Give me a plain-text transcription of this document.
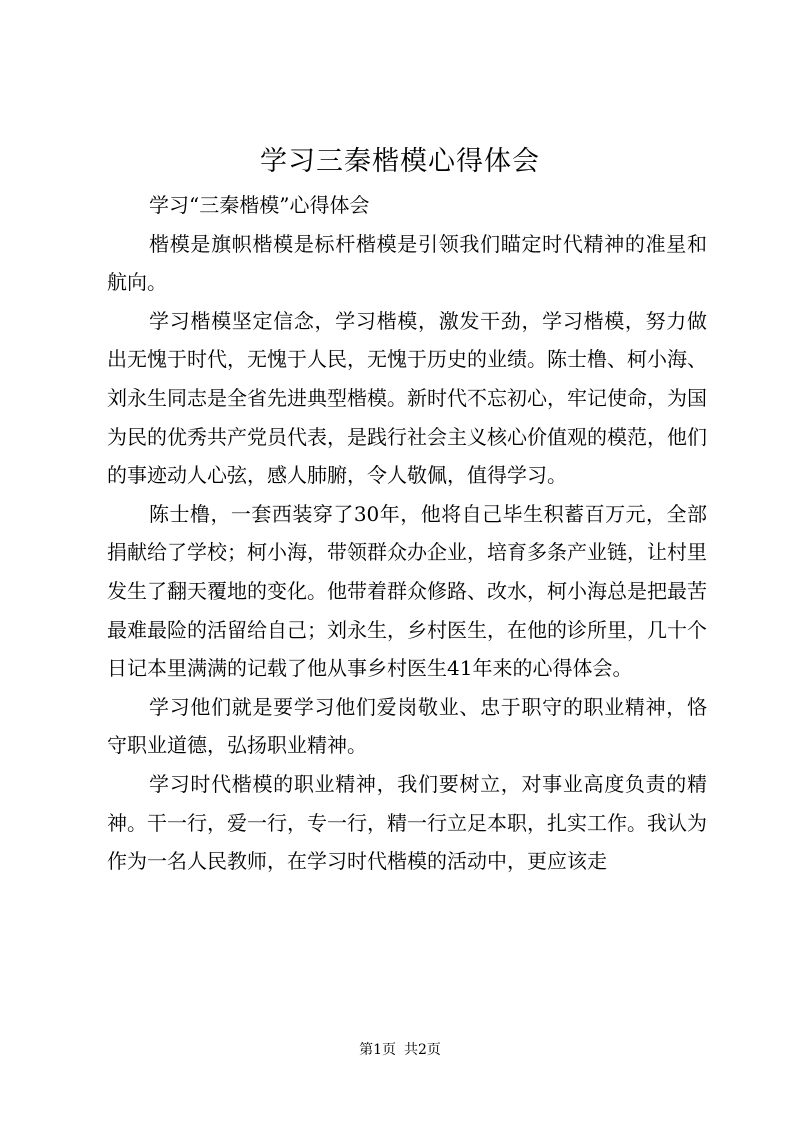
学习三秦楷模心得体会

学习“三秦楷模”心得体会

楷模是旗帜楷模是标杆楷模是引领我们瞄定时代精神的准星和航向。

学习楷模坚定信念，学习楷模，激发干劲，学习楷模，努力做出无愧于时代，无愧于人民，无愧于历史的业绩。陈士橹、柯小海、刘永生同志是全省先进典型楷模。新时代不忘初心，牢记使命，为国为民的优秀共产党员代表，是践行社会主义核心价值观的模范，他们的事迹动人心弦，感人肺腑，令人敬佩，值得学习。

陈士橹，一套西装穿了30年，他将自己毕生积蓄百万元，全部捐献给了学校；柯小海，带领群众办企业，培育多条产业链，让村里发生了翻天覆地的变化。他带着群众修路、改水，柯小海总是把最苦最难最险的活留给自己；刘永生，乡村医生，在他的诊所里，几十个日记本里满满的记载了他从事乡村医生41年来的心得体会。

学习他们就是要学习他们爱岗敬业、忠于职守的职业精神，恪守职业道德，弘扬职业精神。

学习时代楷模的职业精神，我们要树立，对事业高度负责的精神。干一行，爱一行，专一行，精一行立足本职，扎实工作。我认为作为一名人民教师，在学习时代楷模的活动中，更应该走

第1页 共2页
